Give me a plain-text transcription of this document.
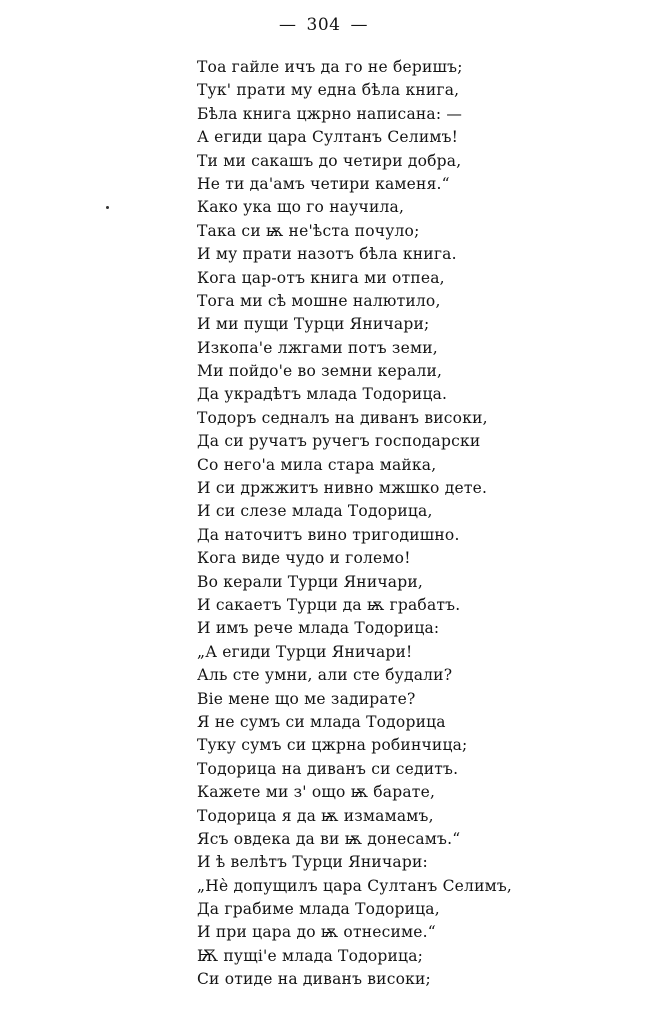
— 304 —
Тоа гайле ичъ да го не беришъ;
Тук' прати му една бѣла книга,
Бѣла книга цжрно написана: —
А егиди цара Султанъ Селимъ!
Ти ми сакашъ до четири добра,
Не ти да'амъ четири каменя.“
Како ука що го научила,
Така си ѭ не'ѣста почуло;
И му прати назотъ бѣла книга.
Кога цар-отъ книга ми отпеа,
Тога ми сѣ мошне налютило,
И ми пущи Турци Яничари;
Изкопа'е лжгами потъ земи,
Ми пойдо'е во земни керали,
Да украдѣтъ млада Тодорица.
Тодоръ седналъ на диванъ високи,
Да си ручатъ ручегъ господарски
Со него'а мила стара майка,
И си држжитъ нивно мжшко дете.
И си слезе млада Тодорица,
Да наточитъ вино тригодишно.
Кога виде чудо и големо!
Во керали Турци Яничари,
И сакаетъ Турци да ѭ грабатъ.
И имъ рече млада Тодорица:
„А егиди Турци Яничари!
Аль сте умни, али сте будали?
Віе мене що ме задирате?
Я не сумъ си млада Тодорица
Туку сумъ си цжрна робинчица;
Тодорица на диванъ си седитъ.
Кажете ми з' ощо ѭ барате,
Тодорица я да ѭ измамамъ,
Ясъ овдека да ви ѭ донесамъ.“
И ѣ велѣтъ Турци Яничари:
„Нѐ допущилъ цара Султанъ Селимъ,
Да грабиме млада Тодорица,
И при цара до ѭ отнесиме.“
Ѭ пущі'е млада Тодорица;
Си отиде на диванъ високи;
